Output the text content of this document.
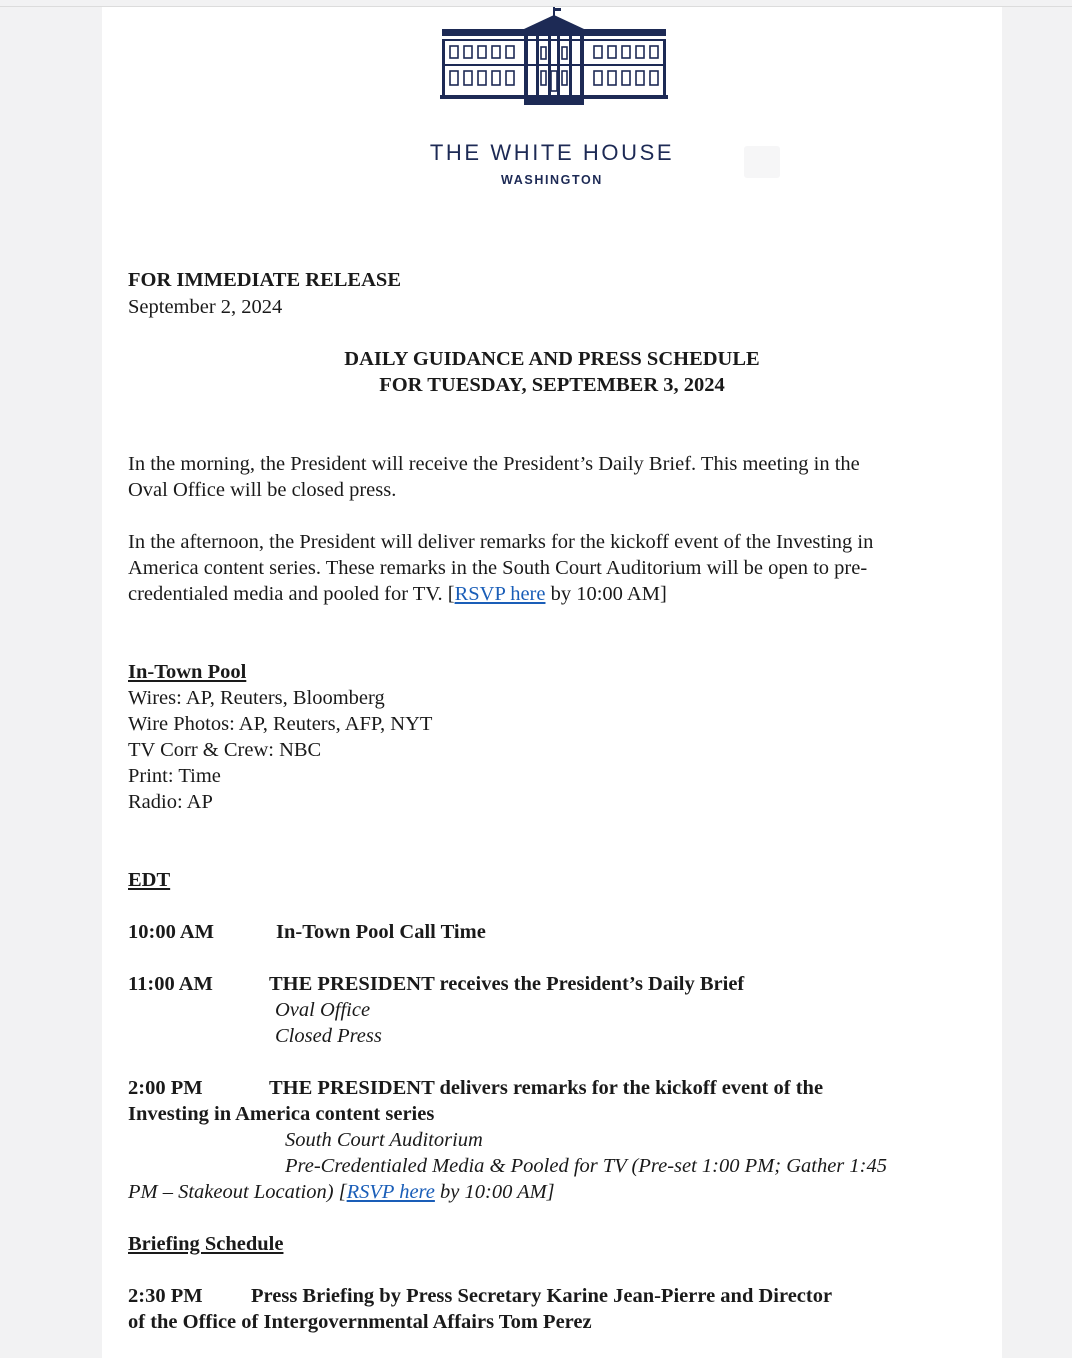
THE WHITE HOUSE
WASHINGTON
FOR IMMEDIATE RELEASE
September 2, 2024
DAILY GUIDANCE AND PRESS SCHEDULE
FOR TUESDAY, SEPTEMBER 3, 2024
In the morning, the President will receive the President’s Daily Brief. This meeting in the
Oval Office will be closed press.
In the afternoon, the President will deliver remarks for the kickoff event of the Investing in
America content series. These remarks in the South Court Auditorium will be open to pre-
credentialed media and pooled for TV. [RSVP here by 10:00 AM]
In-Town Pool
Wires: AP, Reuters, Bloomberg
Wire Photos: AP, Reuters, AFP, NYT
TV Corr & Crew: NBC
Print: Time
Radio: AP
EDT
10:00 AM	In-Town Pool Call Time
11:00 AM	THE PRESIDENT receives the President’s Daily Brief
Oval Office
Closed Press
2:00 PM	THE PRESIDENT delivers remarks for the kickoff event of the
Investing in America content series
South Court Auditorium
Pre-Credentialed Media & Pooled for TV (Pre-set 1:00 PM; Gather 1:45
PM – Stakeout Location) [RSVP here by 10:00 AM]
Briefing Schedule
2:30 PM Press Briefing by Press Secretary Karine Jean-Pierre and Director
of the Office of Intergovernmental Affairs Tom Perez
